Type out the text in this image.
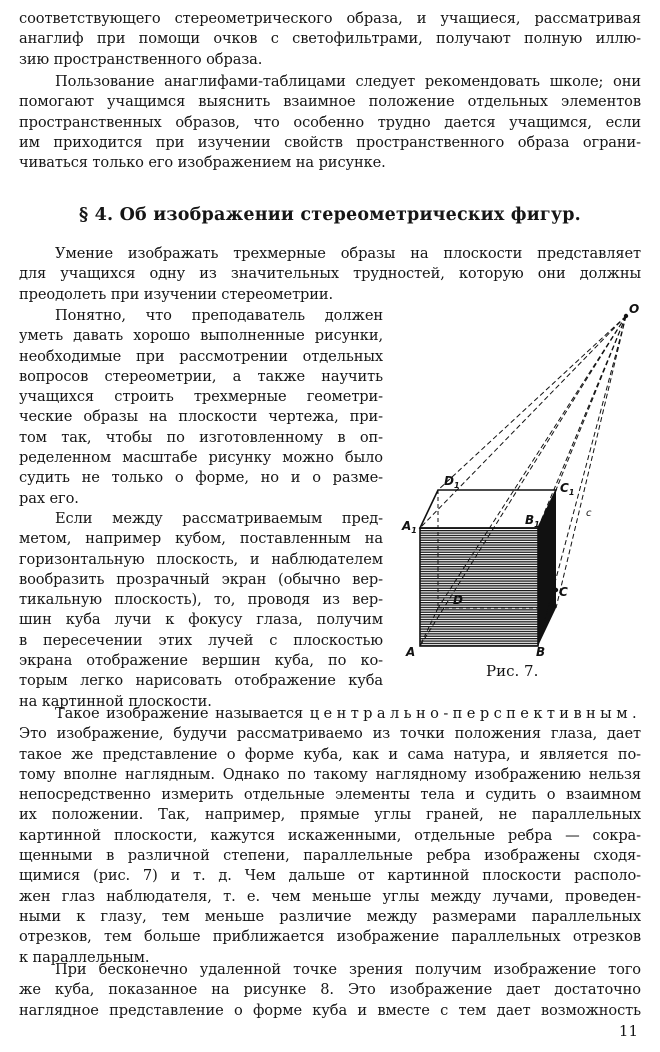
соответствующего стереометрического образа, и учащиеся, рассматривая
анаглиф при помощи очков с светофильтрами, получают полную иллю-
зию пространственного образа.
Пользование анаглифами-таблицами следует рекомендовать школе; они
помогают учащимся выяснить взаимное положение отдельных элементов
пространственных образов, что особенно трудно дается учащимся, если
им приходится при изучении свойств пространственного образа ограни-
чиваться только его изображением на рисунке.
§ 4. Об изображении стереометрических фигур.
Умение изображать трехмерные образы на плоскости представляет
для учащихся одну из значительных трудностей, которую они должны
преодолеть при изучении стереометрии.
Понятно, что преподаватель должен
уметь давать хорошо выполненные рисунки,
необходимые при рассмотрении отдельных
вопросов стереометрии, а также научить
учащихся строить трехмерные геометри-
ческие образы на плоскости чертежа, при-
том так, чтобы по изготовленному в оп-
ределенном масштабе рисунку можно было
судить не только о форме, но и о разме-
рах его.
Если между рассматриваемым пред-
метом, например кубом, поставленным на
горизонтальную плоскость, и наблюдателем
вообразить прозрачный экран (обычно вер-
тикальную плоскость), то, проводя из вер-
шин куба лучи к фокусу глаза, получим
в пересечении этих лучей с плоскостью
экрана отображение вершин куба, по ко-
торым легко нарисовать отображение куба
на картинной плоскости.
O
$D_1$	$C_1$
$A_1$
$B_1$
D
C
A	B
c
Рис. 7.
Такое изображение называется центрально-перспективным.
Это изображение, будучи рассматриваемо из точки положения глаза, дает
такое же представление о форме куба, как и сама натура, и является по-
тому вполне наглядным. Однако по такому наглядному изображению нельзя
непосредственно измерить отдельные элементы тела и судить о взаимном
их положении. Так, например, прямые углы граней, не параллельных
картинной плоскости, кажутся искаженными, отдельные ребра — сокра-
щенными в различной степени, параллельные ребра изображены сходя-
щимися (рис. 7) и т. д. Чем дальше от картинной плоскости располо-
жен глаз наблюдателя, т. е. чем меньше углы между лучами, проведен-
ными к глазу, тем меньше различие между размерами параллельных
отрезков, тем больше приближается изображение параллельных отрезков
к параллельным.
При бесконечно удаленной точке зрения получим изображение того
же куба, показанное на рисунке 8. Это изображение дает достаточно
наглядное представление о форме куба и вместе с тем дает возможность
11
